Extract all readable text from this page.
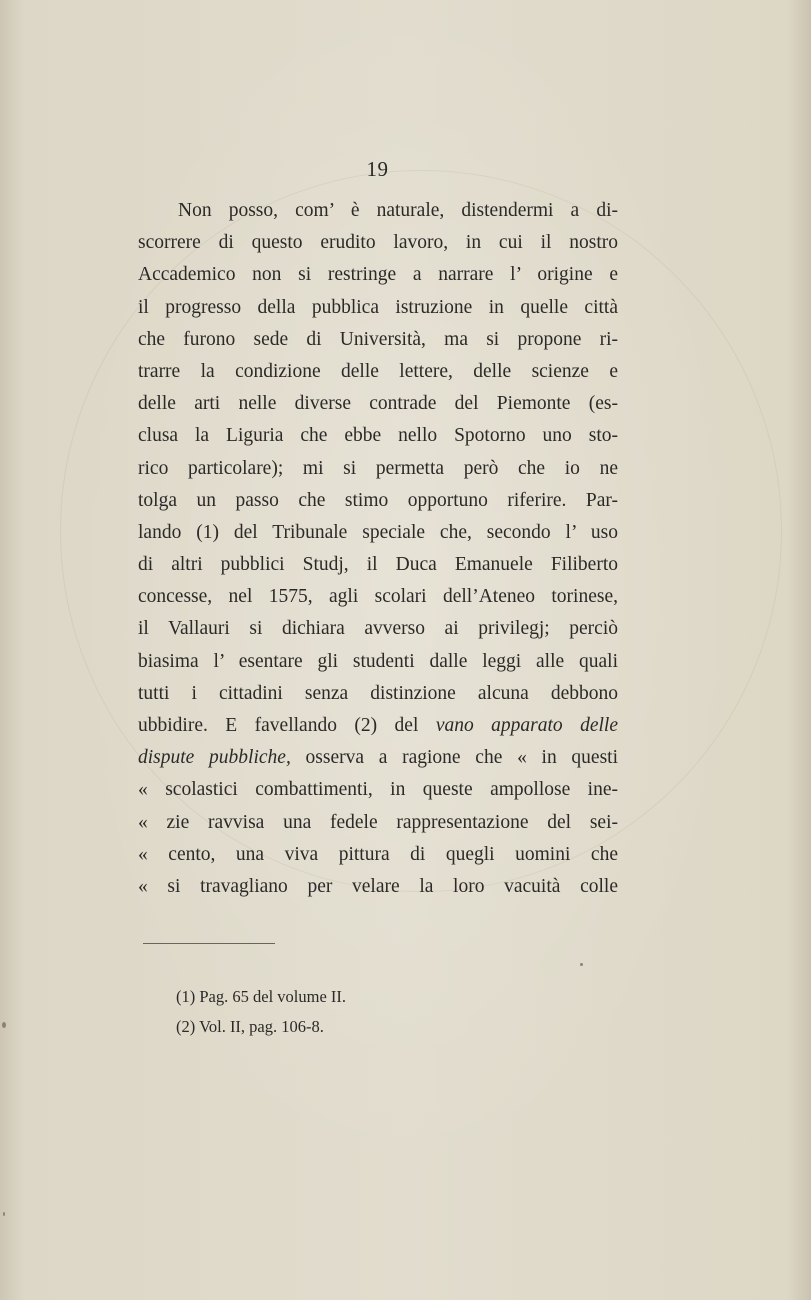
19
Non posso, com’ è naturale, distendermi a di-
scorrere di questo erudito lavoro, in cui il nostro
Accademico non si restringe a narrare l’ origine e
il progresso della pubblica istruzione in quelle città
che furono sede di Università, ma si propone ri-
trarre la condizione delle lettere, delle scienze e
delle arti nelle diverse contrade del Piemonte (es-
clusa la Liguria che ebbe nello Spotorno uno sto-
rico particolare); mi si permetta però che io ne
tolga un passo che stimo opportuno riferire. Par-
lando (1) del Tribunale speciale che, secondo l’ uso
di altri pubblici Studj, il Duca Emanuele Filiberto
concesse, nel 1575, agli scolari dell’Ateneo torinese,
il Vallauri si dichiara avverso ai privilegj; perciò
biasima l’ esentare gli studenti dalle leggi alle quali
tutti i cittadini senza distinzione alcuna debbono
ubbidire. E favellando (2) del vano apparato delle
dispute pubbliche, osserva a ragione che « in questi
« scolastici combattimenti, in queste ampollose ine-
« zie ravvisa una fedele rappresentazione del sei-
« cento, una viva pittura di quegli uomini che
« si travagliano per velare la loro vacuità colle
(1) Pag. 65 del volume II.
(2) Vol. II, pag. 106-8.
